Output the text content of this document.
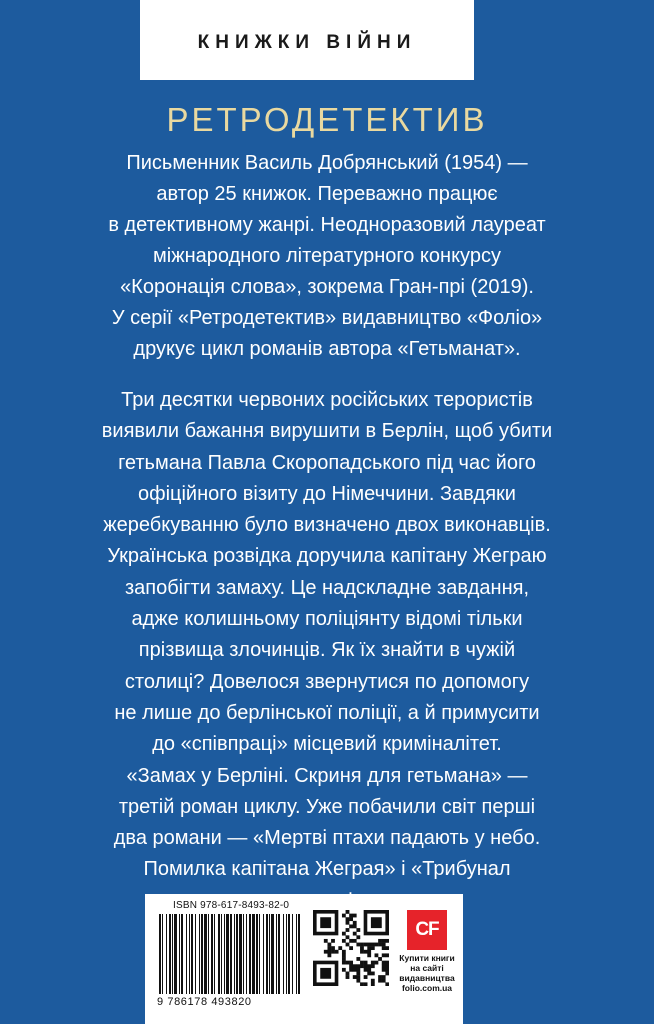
КНИЖКИ ВІЙНИ
РЕТРОДЕТЕКТИВ
Письменник Василь Добрянський (1954) —
автор 25 книжок. Переважно працює
в детективному жанрі. Неодноразовий лауреат
міжнародного літературного конкурсу
«Коронація слова», зокрема Гран-прі (2019).
У серії «Ретродетектив» видавництво «Фоліо»
друкує цикл романів автора «Гетьманат».
Три десятки червоних російських терористів
виявили бажання вирушити в Берлін, щоб убити
гетьмана Павла Скоропадського під час його
офіційного візиту до Німеччини. Завдяки
жеребкуванню було визначено двох виконавців.
Українська розвідка доручила капітану Жеграю
запобігти замаху. Це надскладне завдання,
адже колишньому поліціянту відомі тільки
прізвища злочинців. Як їх знайти в чужій
столиці? Довелося звернутися по допомогу
не лише до берлінської поліції, а й примусити
до «співпраці» місцевий криміналітет.
«Замах у Берліні. Скриня для гетьмана» —
третій роман циклу. Уже побачили світ перші
два романи — «Мертві птахи падають у небо.
Помилка капітана Жеграя» і «Трибунал
ISBN 978-617-8493-82-0
9 786178 493820
CF
Купити книги
на сайті
видавництва
folio.com.ua
